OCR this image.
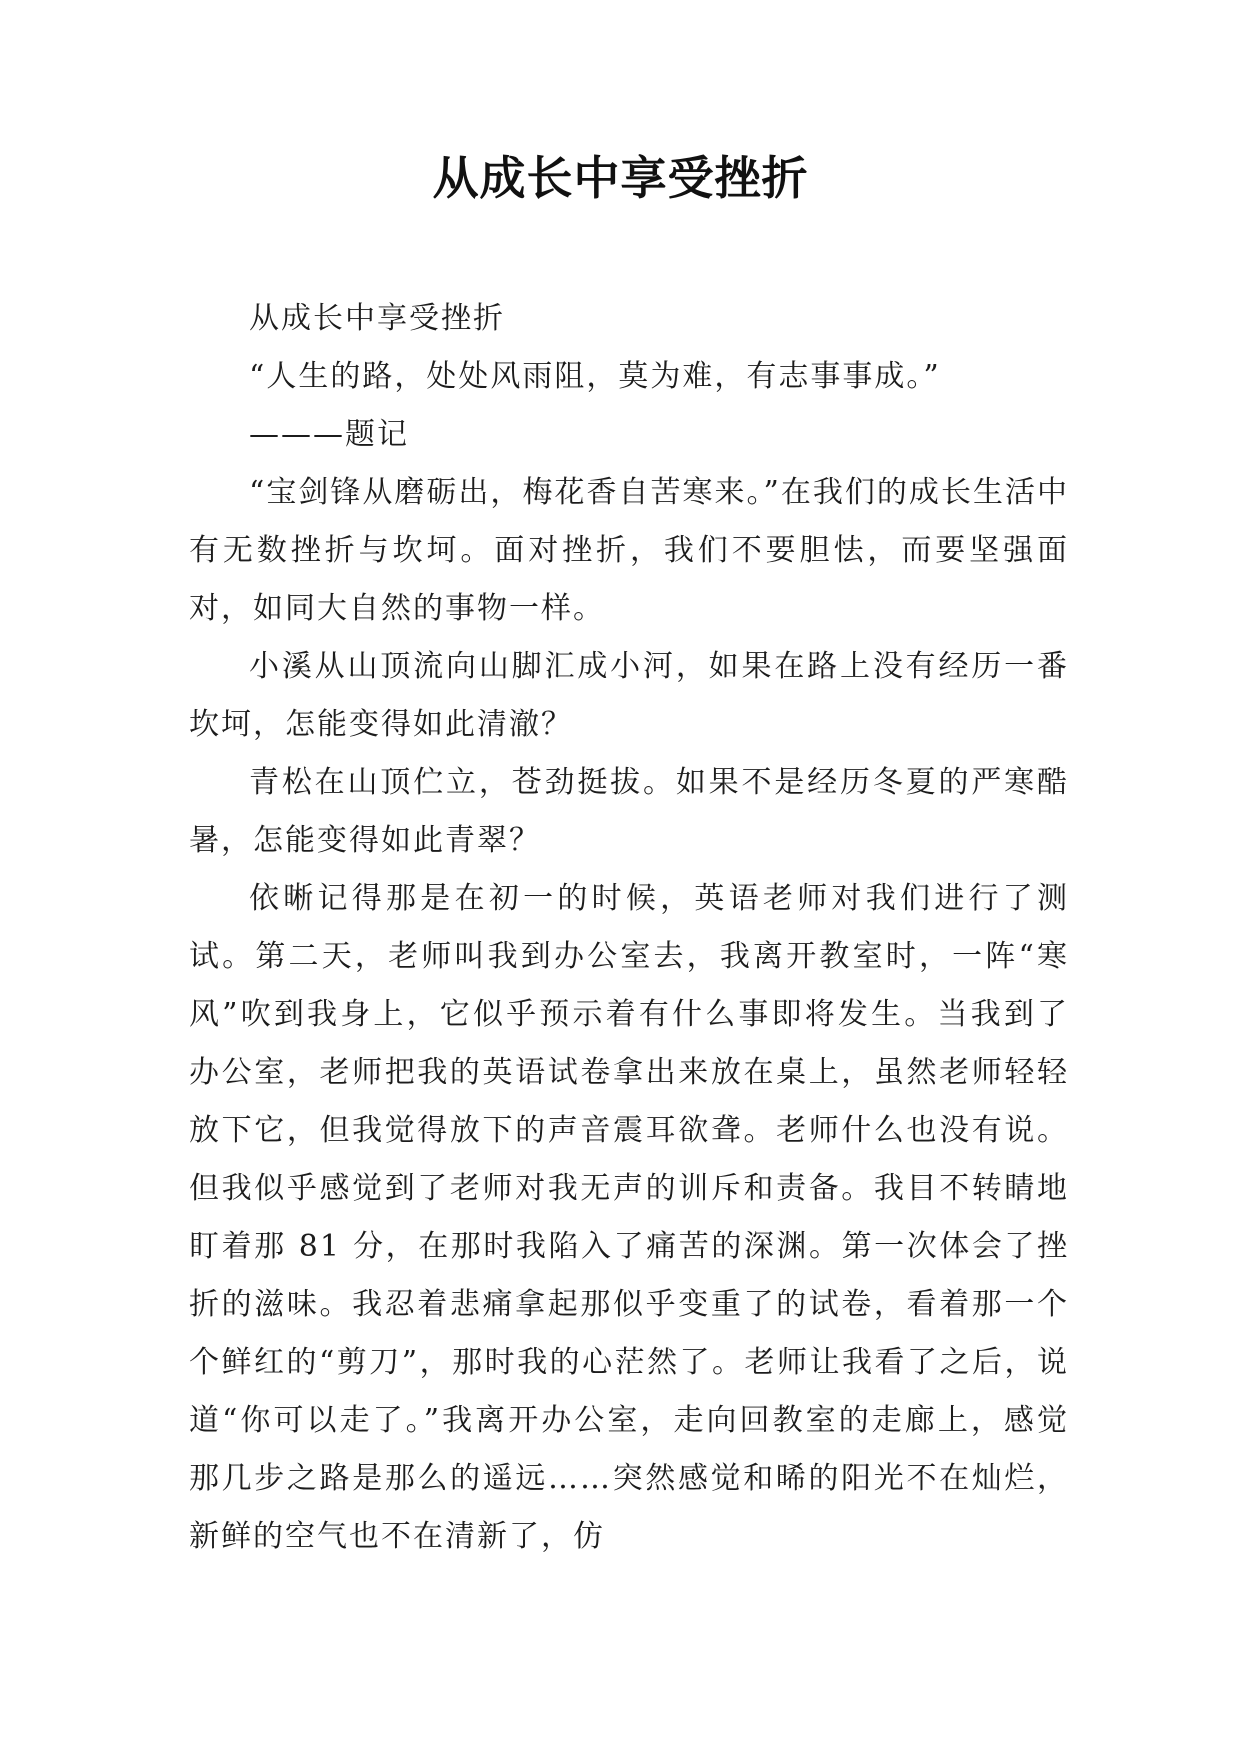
从成长中享受挫折

从成长中享受挫折

“人生的路，处处风雨阻，莫为难，有志事事成。”

———题记

“宝剑锋从磨砺出，梅花香自苦寒来。”在我们的成长生活中有无数挫折与坎坷。面对挫折，我们不要胆怯，而要坚强面对，如同大自然的事物一样。

小溪从山顶流向山脚汇成小河，如果在路上没有经历一番坎坷，怎能变得如此清澈？

青松在山顶伫立，苍劲挺拔。如果不是经历冬夏的严寒酷暑，怎能变得如此青翠？

依晰记得那是在初一的时候，英语老师对我们进行了测试。第二天，老师叫我到办公室去，我离开教室时，一阵“寒风”吹到我身上，它似乎预示着有什么事即将发生。当我到了办公室，老师把我的英语试卷拿出来放在桌上，虽然老师轻轻放下它，但我觉得放下的声音震耳欲聋。老师什么也没有说。但我似乎感觉到了老师对我无声的训斥和责备。我目不转睛地盯着那 81 分，在那时我陷入了痛苦的深渊。第一次体会了挫折的滋味。我忍着悲痛拿起那似乎变重了的试卷，看着那一个个鲜红的“剪刀”，那时我的心茫然了。老师让我看了之后，说道“你可以走了。”我离开办公室，走向回教室的走廊上，感觉那几步之路是那么的遥远……突然感觉和晞的阳光不在灿烂，新鲜的空气也不在清新了，仿
